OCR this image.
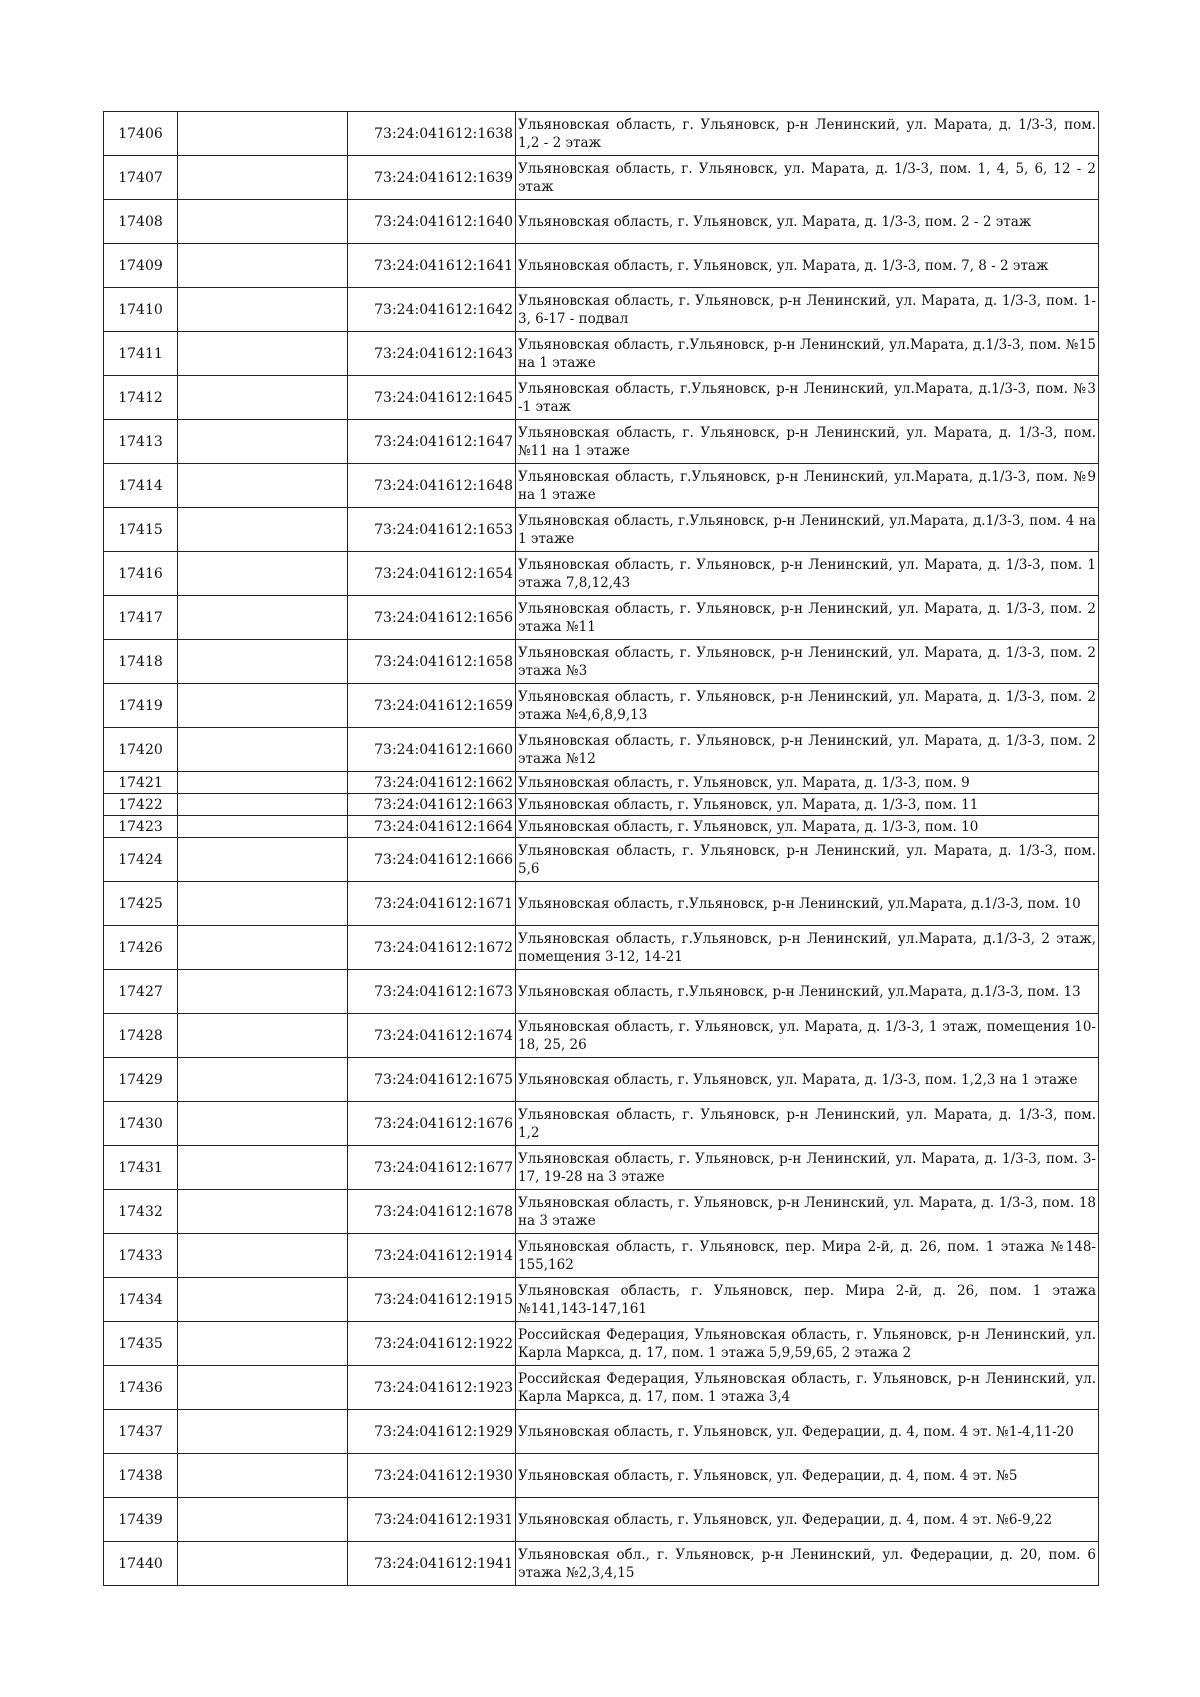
17406		73:24:041612:1638	Ульяновская область, г. Ульяновск, р-н Ленинский, ул. Марата, д. 1/3-3, пом. 1,2 - 2 этаж
17407		73:24:041612:1639	Ульяновская область, г. Ульяновск, ул. Марата, д. 1/3-3, пом. 1, 4, 5, 6, 12 - 2 этаж
17408		73:24:041612:1640	Ульяновская область, г. Ульяновск, ул. Марата, д. 1/3-3, пом. 2 - 2 этаж
17409		73:24:041612:1641	Ульяновская область, г. Ульяновск, ул. Марата, д. 1/3-3, пом. 7, 8 - 2 этаж
17410		73:24:041612:1642	Ульяновская область, г. Ульяновск, р-н Ленинский, ул. Марата, д. 1/3-3, пом. 1-3, 6-17 - подвал
17411		73:24:041612:1643	Ульяновская область, г.Ульяновск, р-н Ленинский, ул.Марата, д.1/3-3, пом. №15 на 1 этаже
17412		73:24:041612:1645	Ульяновская область, г.Ульяновск, р-н Ленинский, ул.Марата, д.1/3-3, пом. №3 -1 этаж
17413		73:24:041612:1647	Ульяновская область, г. Ульяновск, р-н Ленинский, ул. Марата, д. 1/3-3, пом. №11 на 1 этаже
17414		73:24:041612:1648	Ульяновская область, г.Ульяновск, р-н Ленинский, ул.Марата, д.1/3-3, пом. №9 на 1 этаже
17415		73:24:041612:1653	Ульяновская область, г.Ульяновск, р-н Ленинский, ул.Марата, д.1/3-3, пом. 4 на 1 этаже
17416		73:24:041612:1654	Ульяновская область, г. Ульяновск, р-н Ленинский, ул. Марата, д. 1/3-3, пом. 1 этажа 7,8,12,43
17417		73:24:041612:1656	Ульяновская область, г. Ульяновск, р-н Ленинский, ул. Марата, д. 1/3-3, пом. 2 этажа №11
17418		73:24:041612:1658	Ульяновская область, г. Ульяновск, р-н Ленинский, ул. Марата, д. 1/3-3, пом. 2 этажа №3
17419		73:24:041612:1659	Ульяновская область, г. Ульяновск, р-н Ленинский, ул. Марата, д. 1/3-3, пом. 2 этажа №4,6,8,9,13
17420		73:24:041612:1660	Ульяновская область, г. Ульяновск, р-н Ленинский, ул. Марата, д. 1/3-3, пом. 2 этажа №12
17421		73:24:041612:1662	Ульяновская область, г. Ульяновск, ул. Марата, д. 1/3-3, пом. 9
17422		73:24:041612:1663	Ульяновская область, г. Ульяновск, ул. Марата, д. 1/3-3, пом. 11
17423		73:24:041612:1664	Ульяновская область, г. Ульяновск, ул. Марата, д. 1/3-3, пом. 10
17424		73:24:041612:1666	Ульяновская область, г. Ульяновск, р-н Ленинский, ул. Марата, д. 1/3-3, пом. 5,6
17425		73:24:041612:1671	Ульяновская область, г.Ульяновск, р-н Ленинский, ул.Марата, д.1/3-3, пом. 10
17426		73:24:041612:1672	Ульяновская область, г.Ульяновск, р-н Ленинский, ул.Марата, д.1/3-3, 2 этаж, помещения 3-12, 14-21
17427		73:24:041612:1673	Ульяновская область, г.Ульяновск, р-н Ленинский, ул.Марата, д.1/3-3, пом. 13
17428		73:24:041612:1674	Ульяновская область, г. Ульяновск, ул. Марата, д. 1/3-3, 1 этаж, помещения 10-18, 25, 26
17429		73:24:041612:1675	Ульяновская область, г. Ульяновск, ул. Марата, д. 1/3-3, пом. 1,2,3 на 1 этаже
17430		73:24:041612:1676	Ульяновская область, г. Ульяновск, р-н Ленинский, ул. Марата, д. 1/3-3, пом. 1,2
17431		73:24:041612:1677	Ульяновская область, г. Ульяновск, р-н Ленинский, ул. Марата, д. 1/3-3, пом. 3-17, 19-28 на 3 этаже
17432		73:24:041612:1678	Ульяновская область, г. Ульяновск, р-н Ленинский, ул. Марата, д. 1/3-3, пом. 18 на 3 этаже
17433		73:24:041612:1914	Ульяновская область, г. Ульяновск, пер. Мира 2-й, д. 26, пом. 1 этажа №148-155,162
17434		73:24:041612:1915	Ульяновская область, г. Ульяновск, пер. Мира 2-й, д. 26, пом. 1 этажа №141,143-147,161
17435		73:24:041612:1922	Российская Федерация, Ульяновская область, г. Ульяновск, р-н Ленинский, ул. Карла Маркса, д. 17, пом. 1 этажа 5,9,59,65, 2 этажа 2
17436		73:24:041612:1923	Российская Федерация, Ульяновская область, г. Ульяновск, р-н Ленинский, ул. Карла Маркса, д. 17, пом. 1 этажа 3,4
17437		73:24:041612:1929	Ульяновская область, г. Ульяновск, ул. Федерации, д. 4, пом. 4 эт. №1-4,11-20
17438		73:24:041612:1930	Ульяновская область, г. Ульяновск, ул. Федерации, д. 4, пом. 4 эт. №5
17439		73:24:041612:1931	Ульяновская область, г. Ульяновск, ул. Федерации, д. 4, пом. 4 эт. №6-9,22
17440		73:24:041612:1941	Ульяновская обл., г. Ульяновск, р-н Ленинский, ул. Федерации, д. 20, пом. 6 этажа №2,3,4,15
